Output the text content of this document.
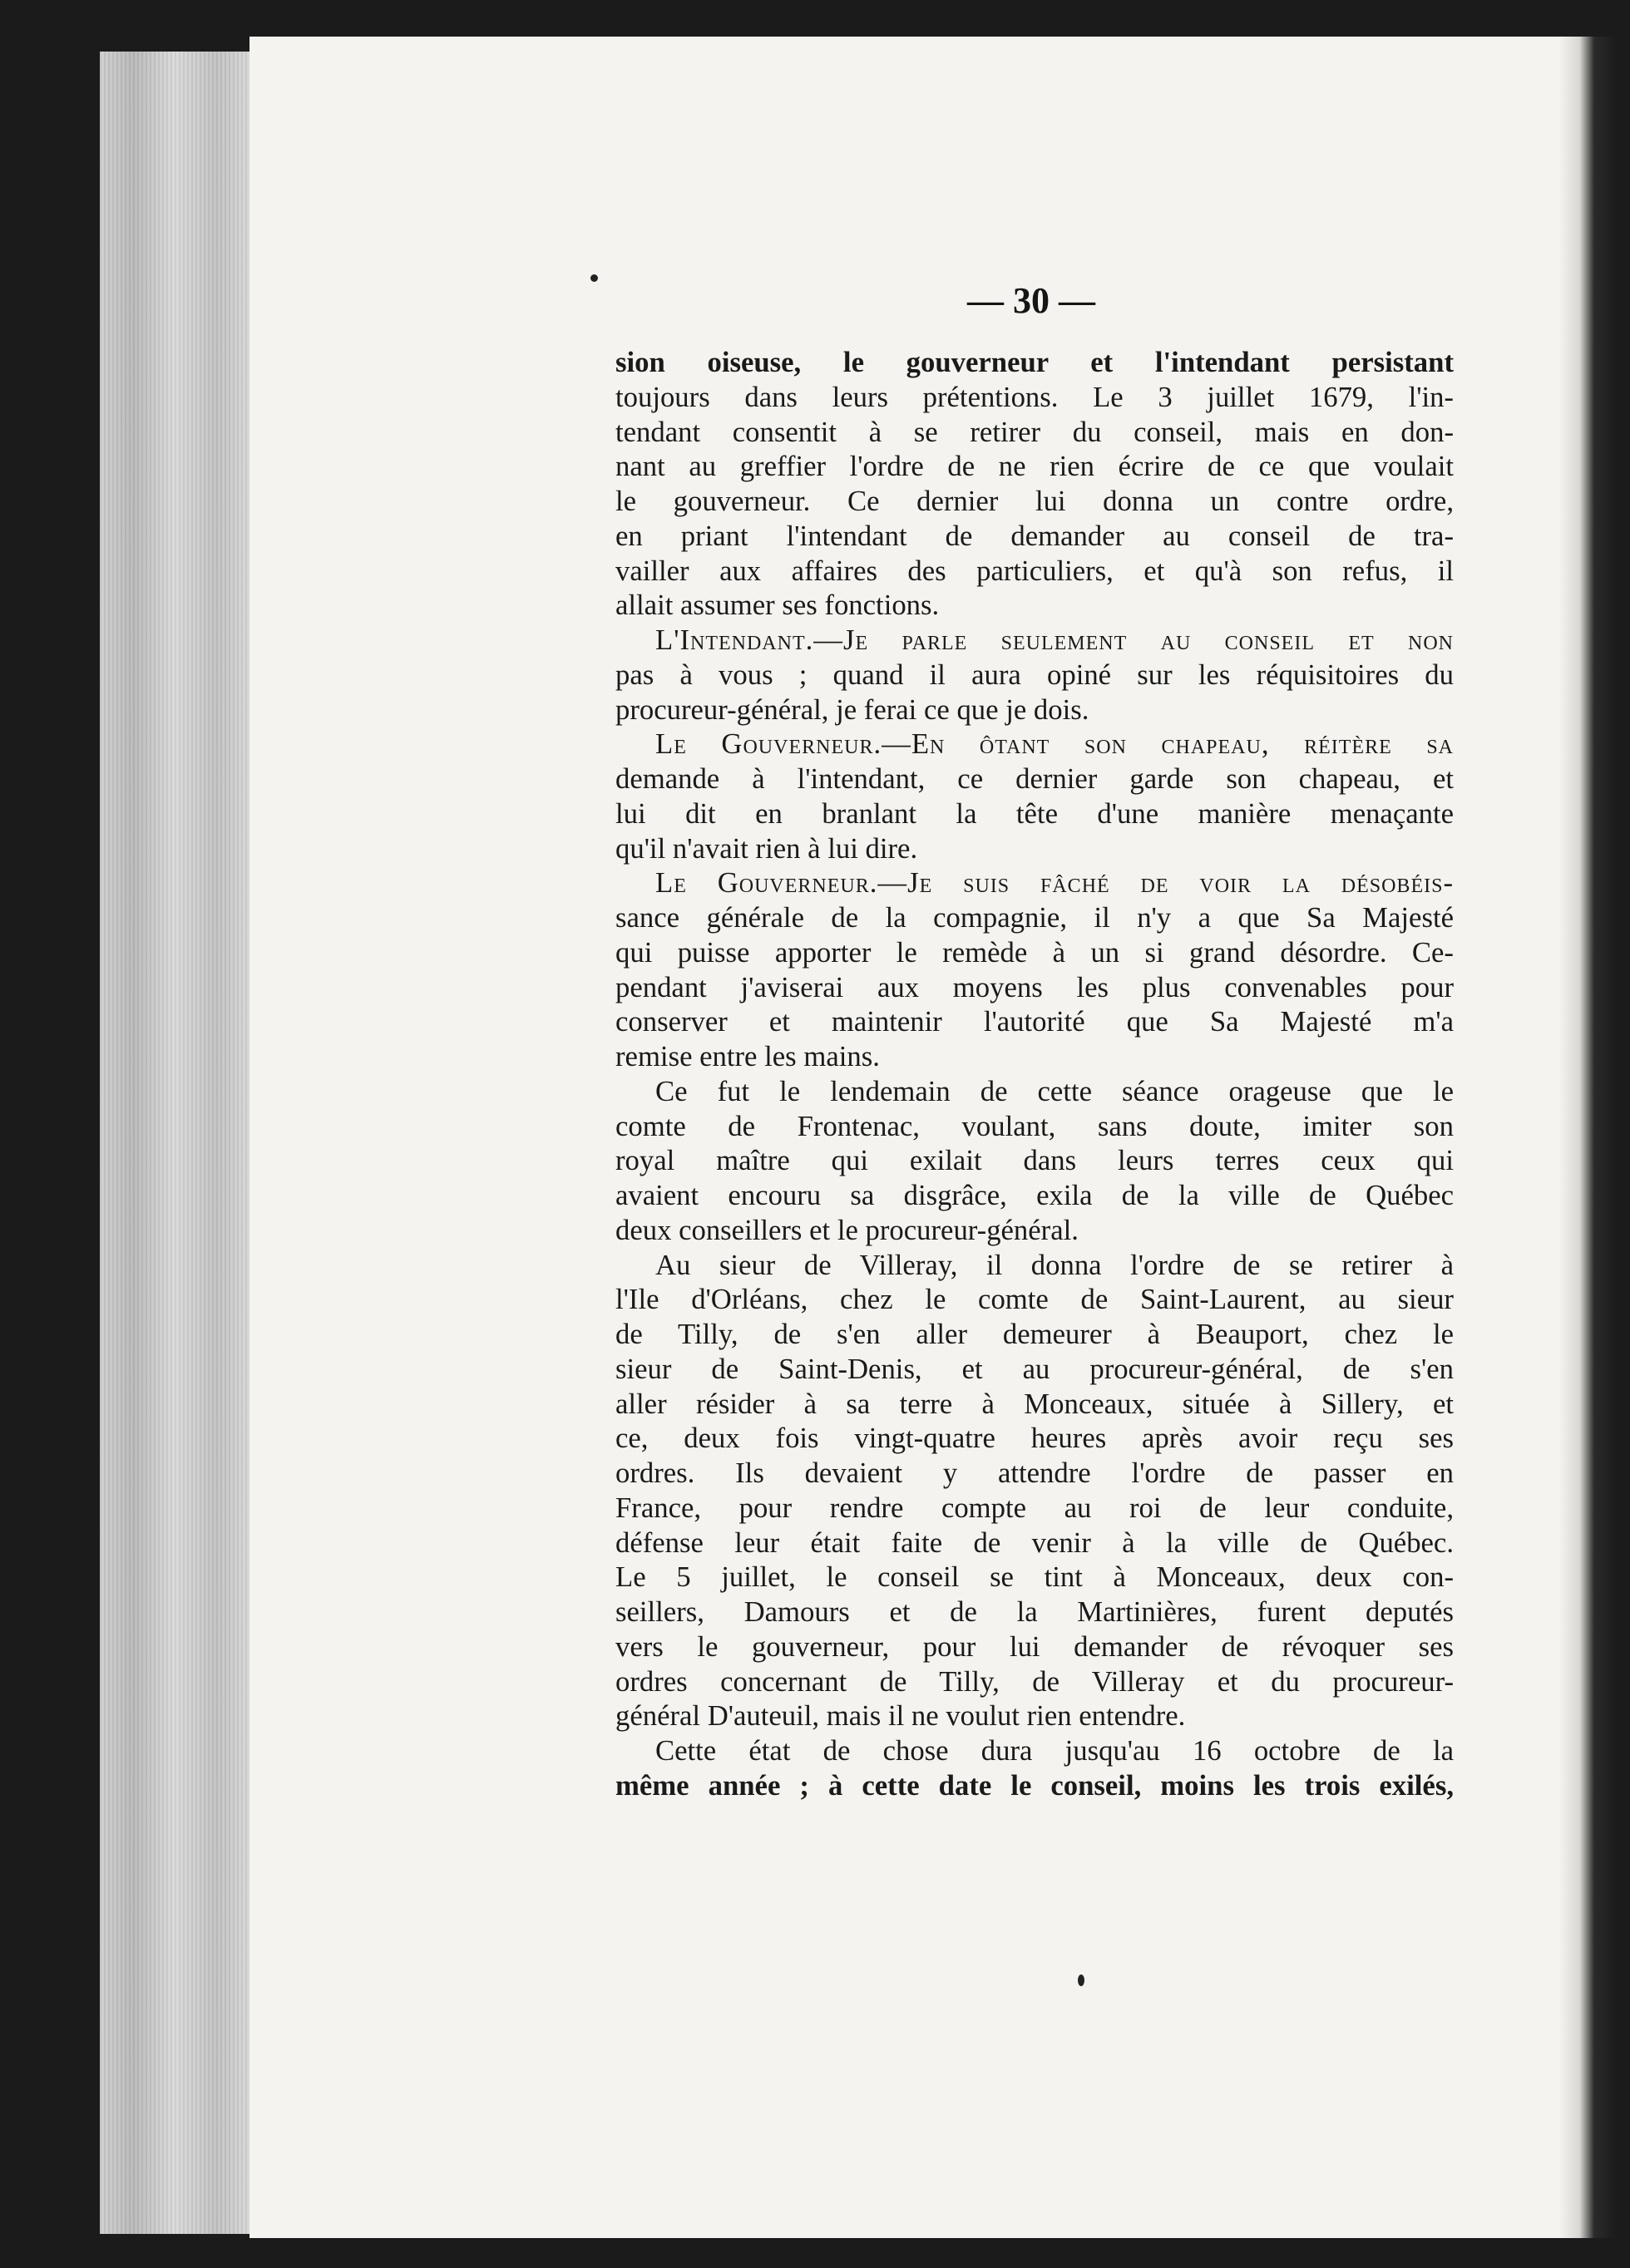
— 30 —
sion oiseuse, le gouverneur et l'intendant persistant
toujours dans leurs prétentions. Le 3 juillet 1679, l'in-
tendant consentit à se retirer du conseil, mais en don-
nant au greffier l'ordre de ne rien écrire de ce que voulait
le gouverneur. Ce dernier lui donna un contre ordre,
en priant l'intendant de demander au conseil de tra-
vailler aux affaires des particuliers, et qu'à son refus, il
allait assumer ses fonctions.
L'Intendant.—Je parle seulement au conseil et non
pas à vous ; quand il aura opiné sur les réquisitoires du
procureur-général, je ferai ce que je dois.
Le Gouverneur.—En ôtant son chapeau, réitère sa
demande à l'intendant, ce dernier garde son chapeau, et
lui dit en branlant la tête d'une manière menaçante
qu'il n'avait rien à lui dire.
Le Gouverneur.—Je suis fâché de voir la désobéis-
sance générale de la compagnie, il n'y a que Sa Majesté
qui puisse apporter le remède à un si grand désordre. Ce-
pendant j'aviserai aux moyens les plus convenables pour
conserver et maintenir l'autorité que Sa Majesté m'a
remise entre les mains.
Ce fut le lendemain de cette séance orageuse que le
comte de Frontenac, voulant, sans doute, imiter son
royal maître qui exilait dans leurs terres ceux qui
avaient encouru sa disgrâce, exila de la ville de Québec
deux conseillers et le procureur-général.
Au sieur de Villeray, il donna l'ordre de se retirer à
l'Ile d'Orléans, chez le comte de Saint-Laurent, au sieur
de Tilly, de s'en aller demeurer à Beauport, chez le
sieur de Saint-Denis, et au procureur-général, de s'en
aller résider à sa terre à Monceaux, située à Sillery, et
ce, deux fois vingt-quatre heures après avoir reçu ses
ordres. Ils devaient y attendre l'ordre de passer en
France, pour rendre compte au roi de leur conduite,
défense leur était faite de venir à la ville de Québec.
Le 5 juillet, le conseil se tint à Monceaux, deux con-
seillers, Damours et de la Martinières, furent deputés
vers le gouverneur, pour lui demander de révoquer ses
ordres concernant de Tilly, de Villeray et du procureur-
général D'auteuil, mais il ne voulut rien entendre.
Cette état de chose dura jusqu'au 16 octobre de la
même année ; à cette date le conseil, moins les trois exilés,
